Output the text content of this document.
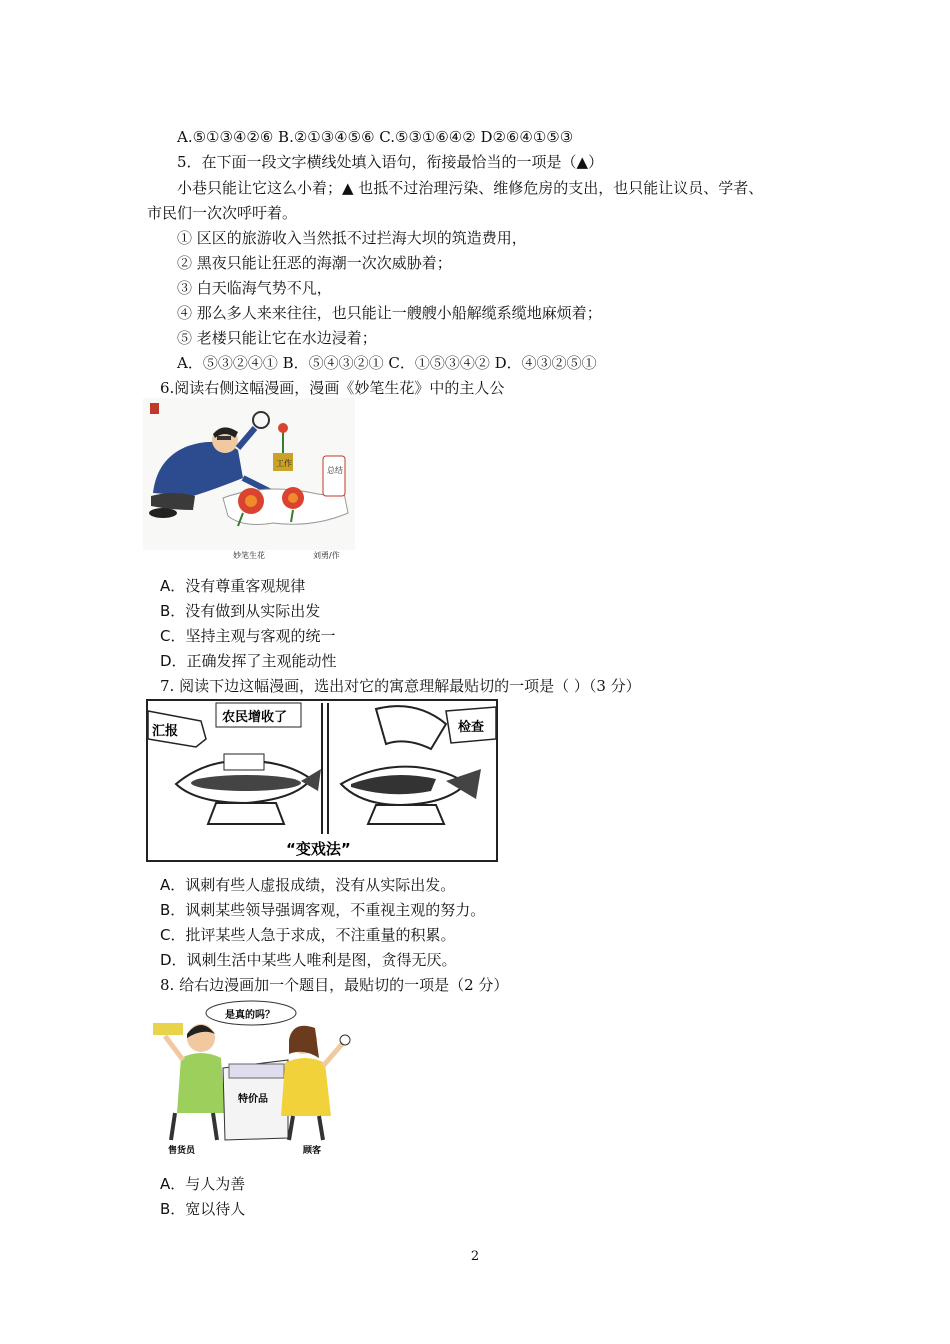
A.⑤①③④②⑥ B.②①③④⑤⑥ C.⑤③①⑥④② D②⑥④①⑤③
5．在下面一段文字横线处填入语句，衔接最恰当的一项是（▲）
小巷只能让它这么小着；▲ 也抵不过治理污染、维修危房的支出，也只能让议员、学者、
市民们一次次呼吁着。
① 区区的旅游收入当然抵不过拦海大坝的筑造费用，
② 黑夜只能让狂恶的海潮一次次威胁着；
③ 白天临海气势不凡，
④ 那么多人来来往往，也只能让一艘艘小船解缆系缆地麻烦着；
⑤ 老楼只能让它在水边浸着；
A．⑤③②④① B．⑤④③②① C．①⑤③④② D．④③②⑤①
6.阅读右侧这幅漫画，漫画《妙笔生花》中的主人公
工作
总结
妙笔生花	刘勇/作
A．没有尊重客观规律
B．没有做到从实际出发
C．坚持主观与客观的统一
D．正确发挥了主观能动性
7. 阅读下边这幅漫画，选出对它的寓意理解最贴切的一项是（ ）（3 分）
农民增收了
汇报	检查
“变戏法”
A．讽刺有些人虚报成绩，没有从实际出发。
B．讽刺某些领导强调客观，不重视主观的努力。
C．批评某些人急于求成，不注重量的积累。
D．讽刺生活中某些人唯利是图，贪得无厌。
8. 给右边漫画加一个题目，最贴切的一项是（2 分）
是真的吗？
售货员
特价品
顾客
A．与人为善
B．宽以待人
2
